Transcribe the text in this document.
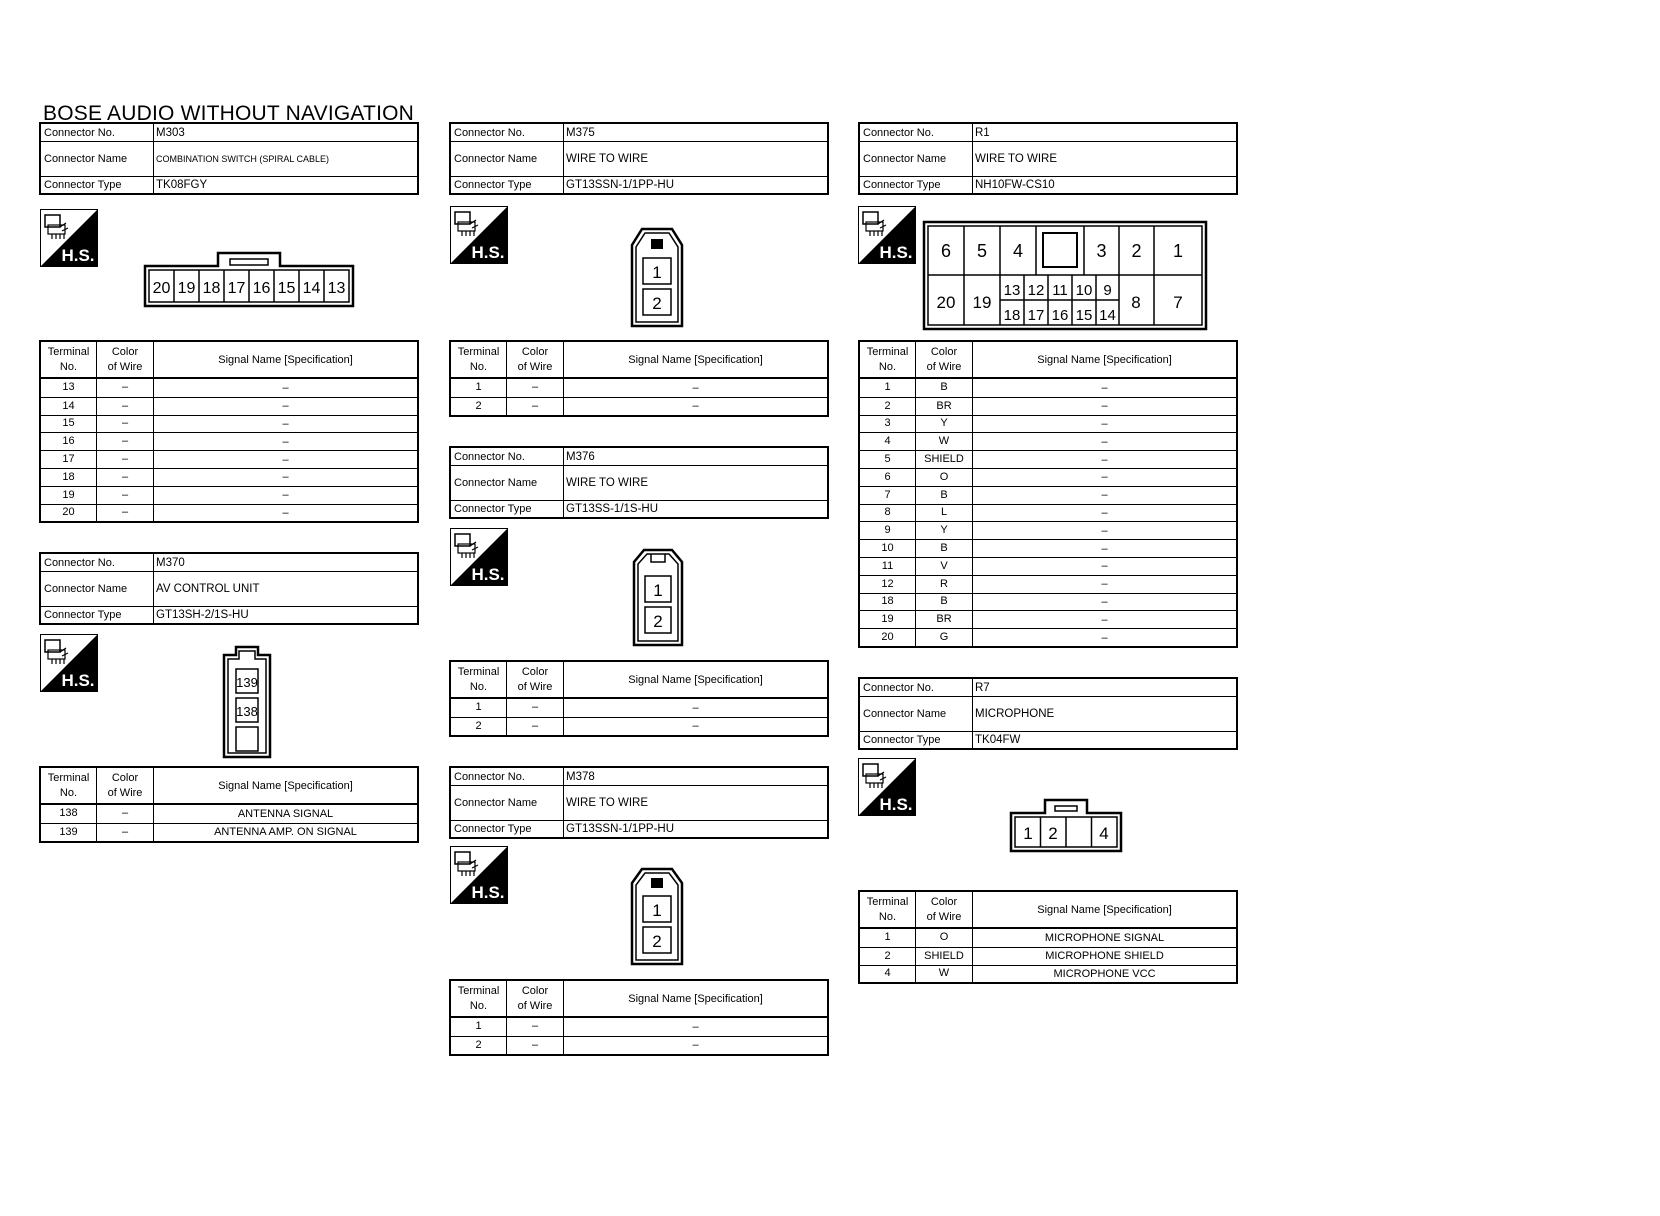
BOSE AUDIO WITHOUT NAVIGATION
Connector No.	M303
Connector Name	COMBINATION SWITCH (SPIRAL CABLE)
Connector Type	TK08FGY
H.S.
20 19 18 17 16 15 14 13
Terminal
No.
Color
of Wire
Signal Name [Specification]
13	–	–
14	–	–
15	–	–
16	–	–
17	–	–
18	–	–
19	–	–
20	–	–
Connector No.	M370
Connector Name	AV CONTROL UNIT
Connector Type	GT13SH-2/1S-HU
H.S.	139
138
Terminal
No.
Color
of Wire
Signal Name [Specification]
138	–	ANTENNA SIGNAL
139	–	ANTENNA AMP. ON SIGNAL
Connector No.	M375
Connector Name	WIRE TO WIRE
Connector Type	GT13SSN-1/1PP-HU
H.S.
1
2
Terminal
No.
Color
of Wire
Signal Name [Specification]
1	–	–
2	–	–
Connector No.	M376
Connector Name	WIRE TO WIRE
Connector Type	GT13SS-1/1S-HU
H.S.
1
2
Terminal
No.
Color
of Wire
Signal Name [Specification]
1	–	–
2	–	–
Connector No.	M378
Connector Name	WIRE TO WIRE
Connector Type	GT13SSN-1/1PP-HU
H.S.
1
2
Terminal
No.
Color
of Wire
Signal Name [Specification]
1	–	–
2	–	–
Connector No.	R1
Connector Name	WIRE TO WIRE
Connector Type	NH10FW-CS10
H.S. 6 5 4	3 2 1
20 19
13
18
12
17
11
16
10
15
9
14
8 7
Terminal
No.
Color
of Wire
Signal Name [Specification]
1	B	–
2	BR	–
3	Y	–
4	W	–
5	SHIELD	–
6	O	–
7	B	–
8	L	–
9	Y	–
10	B	–
11	V	–
12	R	–
18	B	–
19	BR	–
20	G	–
Connector No.	R7
Connector Name	MICROPHONE
Connector Type	TK04FW
H.S.
1 2 4
Terminal
No.
Color
of Wire
Signal Name [Specification]
1	O	MICROPHONE SIGNAL
2	SHIELD	MICROPHONE SHIELD
4	W	MICROPHONE VCC
